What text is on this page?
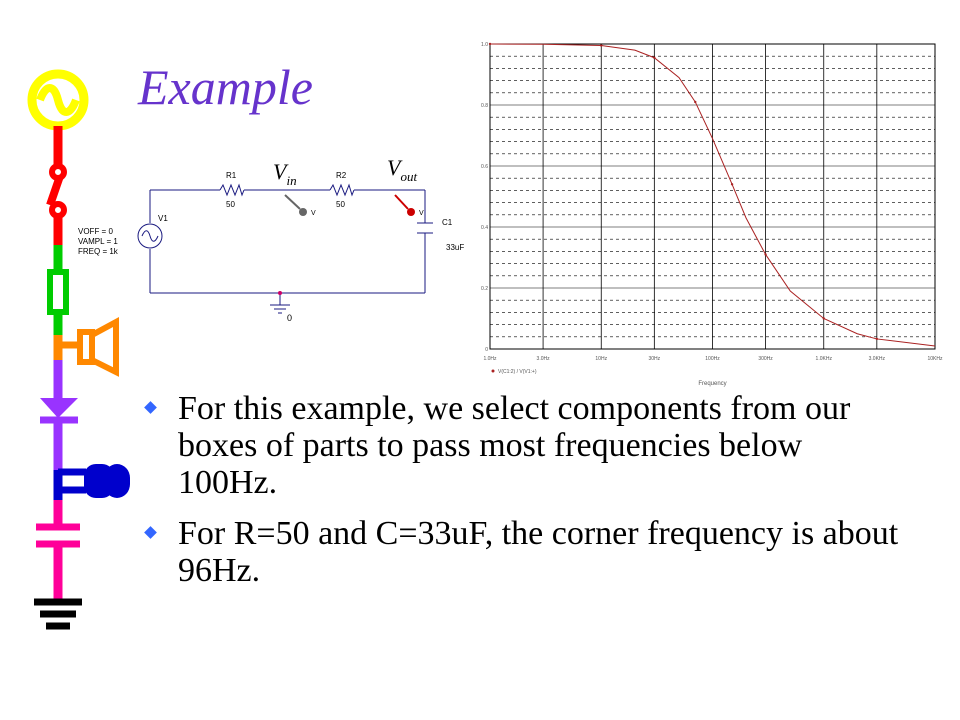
Example
V1
VOFF = 0
VAMPL = 1
FREQ = 1k
R1
50
R2
50
C1
33uF
0
V
$V_{in}$
V
$V_{out}$
1.0Hz	3.0Hz	10Hz	30Hz	100Hz	300Hz	1.0KHz	3.0KHz	10KHz
1.0
0.8
0.6
0.4
0.2
0
Frequency
V(C1:2) / V(V1:+)
For this example, we select components from our boxes of parts to pass most frequencies below 100Hz.
For R=50 and C=33uF, the corner frequency is about 96Hz.
